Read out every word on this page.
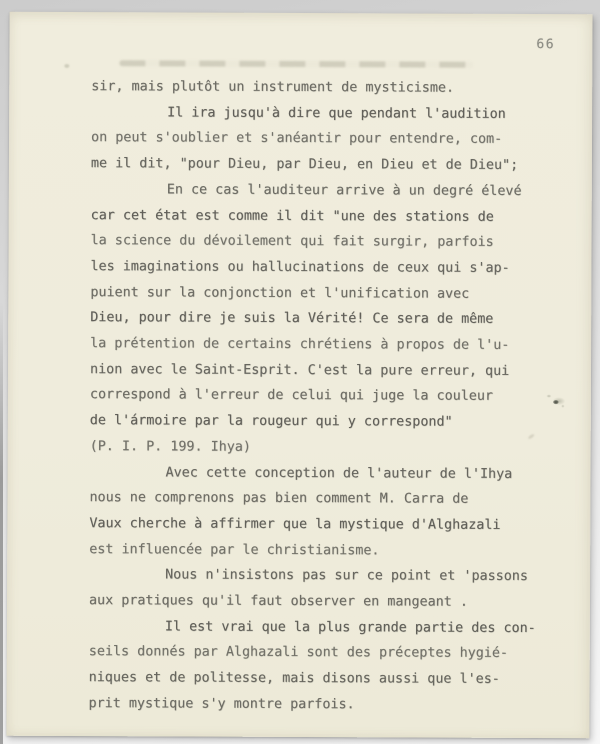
66
sir, mais plutôt un instrument de mysticisme.
Il ira jusqu'à dire que pendant l'audition
on peut s'oublier et s'anéantir pour entendre, com-
me il dit, "pour Dieu, par Dieu, en Dieu et de Dieu";
En ce cas l'auditeur arrive à un degré élevé
car cet état est comme il dit "une des stations de
la science du dévoilement qui fait surgir, parfois
les imaginations ou hallucinations de ceux qui s'ap-
puient sur la conjonction et l'unification avec
Dieu, pour dire je suis la Vérité! Ce sera de même
la prétention de certains chrétiens à propos de l'u-
nion avec le Saint-Esprit. C'est la pure erreur, qui
correspond à l'erreur de celui qui juge la couleur
de l'ármoire par la rougeur qui y correspond"
(P. I. P. 199. Ihya)
Avec cette conception de l'auteur de l'Ihya
nous ne comprenons pas bien comment M. Carra de
Vaux cherche à affirmer que la mystique d'Alghazali
est influencée par le christianisme.
Nous n'insistons pas sur ce point et 'passons
aux pratiques qu'il faut observer en mangeant .
Il est vrai que la plus grande partie des con-
seils donnés par Alghazali sont des préceptes hygié-
niques et de politesse, mais disons aussi que l'es-
prit mystique s'y montre parfois.
